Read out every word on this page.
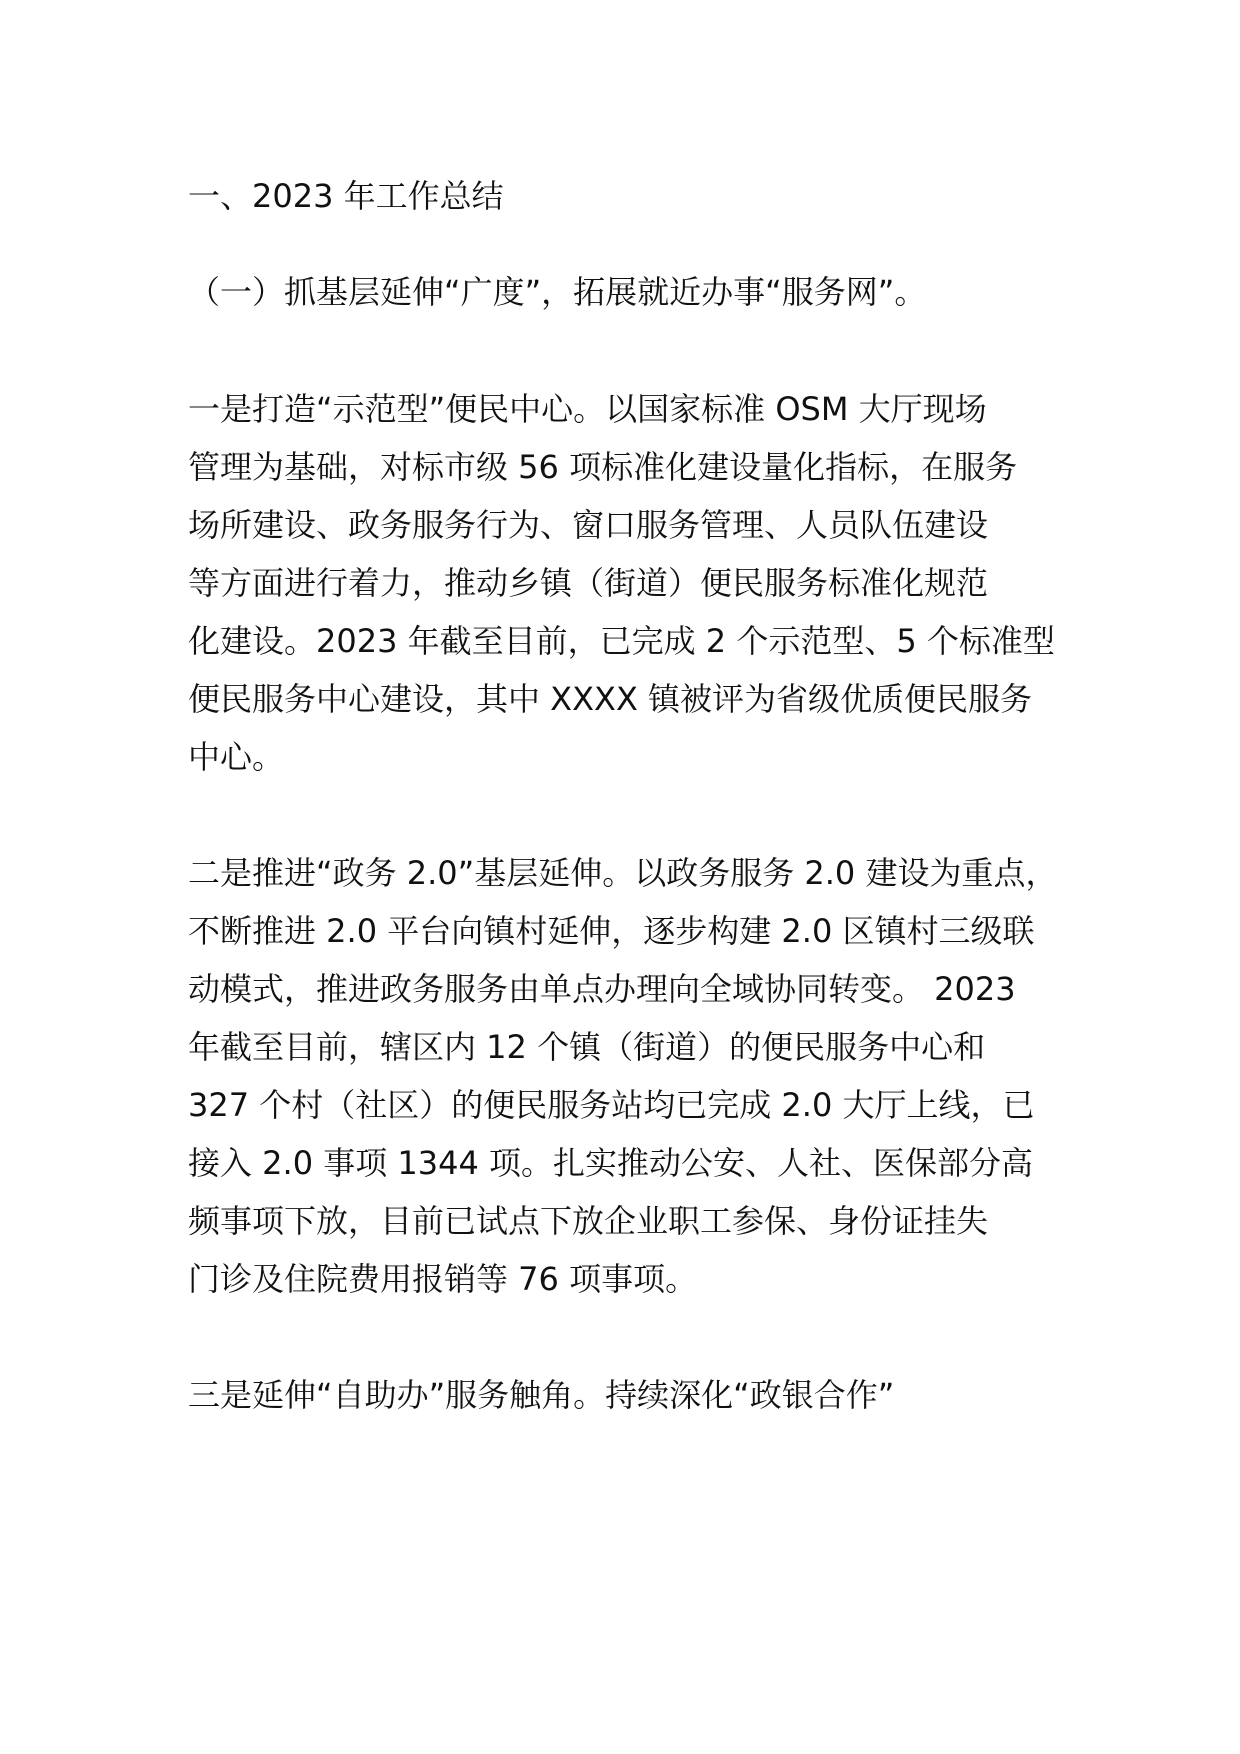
一、2023 年工作总结
（一）抓基层延伸“广度”，拓展就近办事“服务网”。
一是打造“示范型”便民中心。以国家标准 OSM 大厅现场
管理为基础，对标市级 56 项标准化建设量化指标，在服务
场所建设、政务服务行为、窗口服务管理、人员队伍建设
等方面进行着力，推动乡镇（街道）便民服务标准化规范
化建设。2023 年截至目前，已完成 2 个示范型、5 个标准型
便民服务中心建设，其中 XXXX 镇被评为省级优质便民服务
中心。
二是推进“政务 2.0”基层延伸。以政务服务 2.0 建设为重点，
不断推进 2.0 平台向镇村延伸，逐步构建 2.0 区镇村三级联
动模式，推进政务服务由单点办理向全域协同转变。 2023
年截至目前，辖区内 12 个镇（街道）的便民服务中心和
327 个村（社区）的便民服务站均已完成 2.0 大厅上线，已
接入 2.0 事项 1344 项。扎实推动公安、人社、医保部分高
频事项下放，目前已试点下放企业职工参保、身份证挂失
门诊及住院费用报销等 76 项事项。
三是延伸“自助办”服务触角。持续深化“政银合作”
